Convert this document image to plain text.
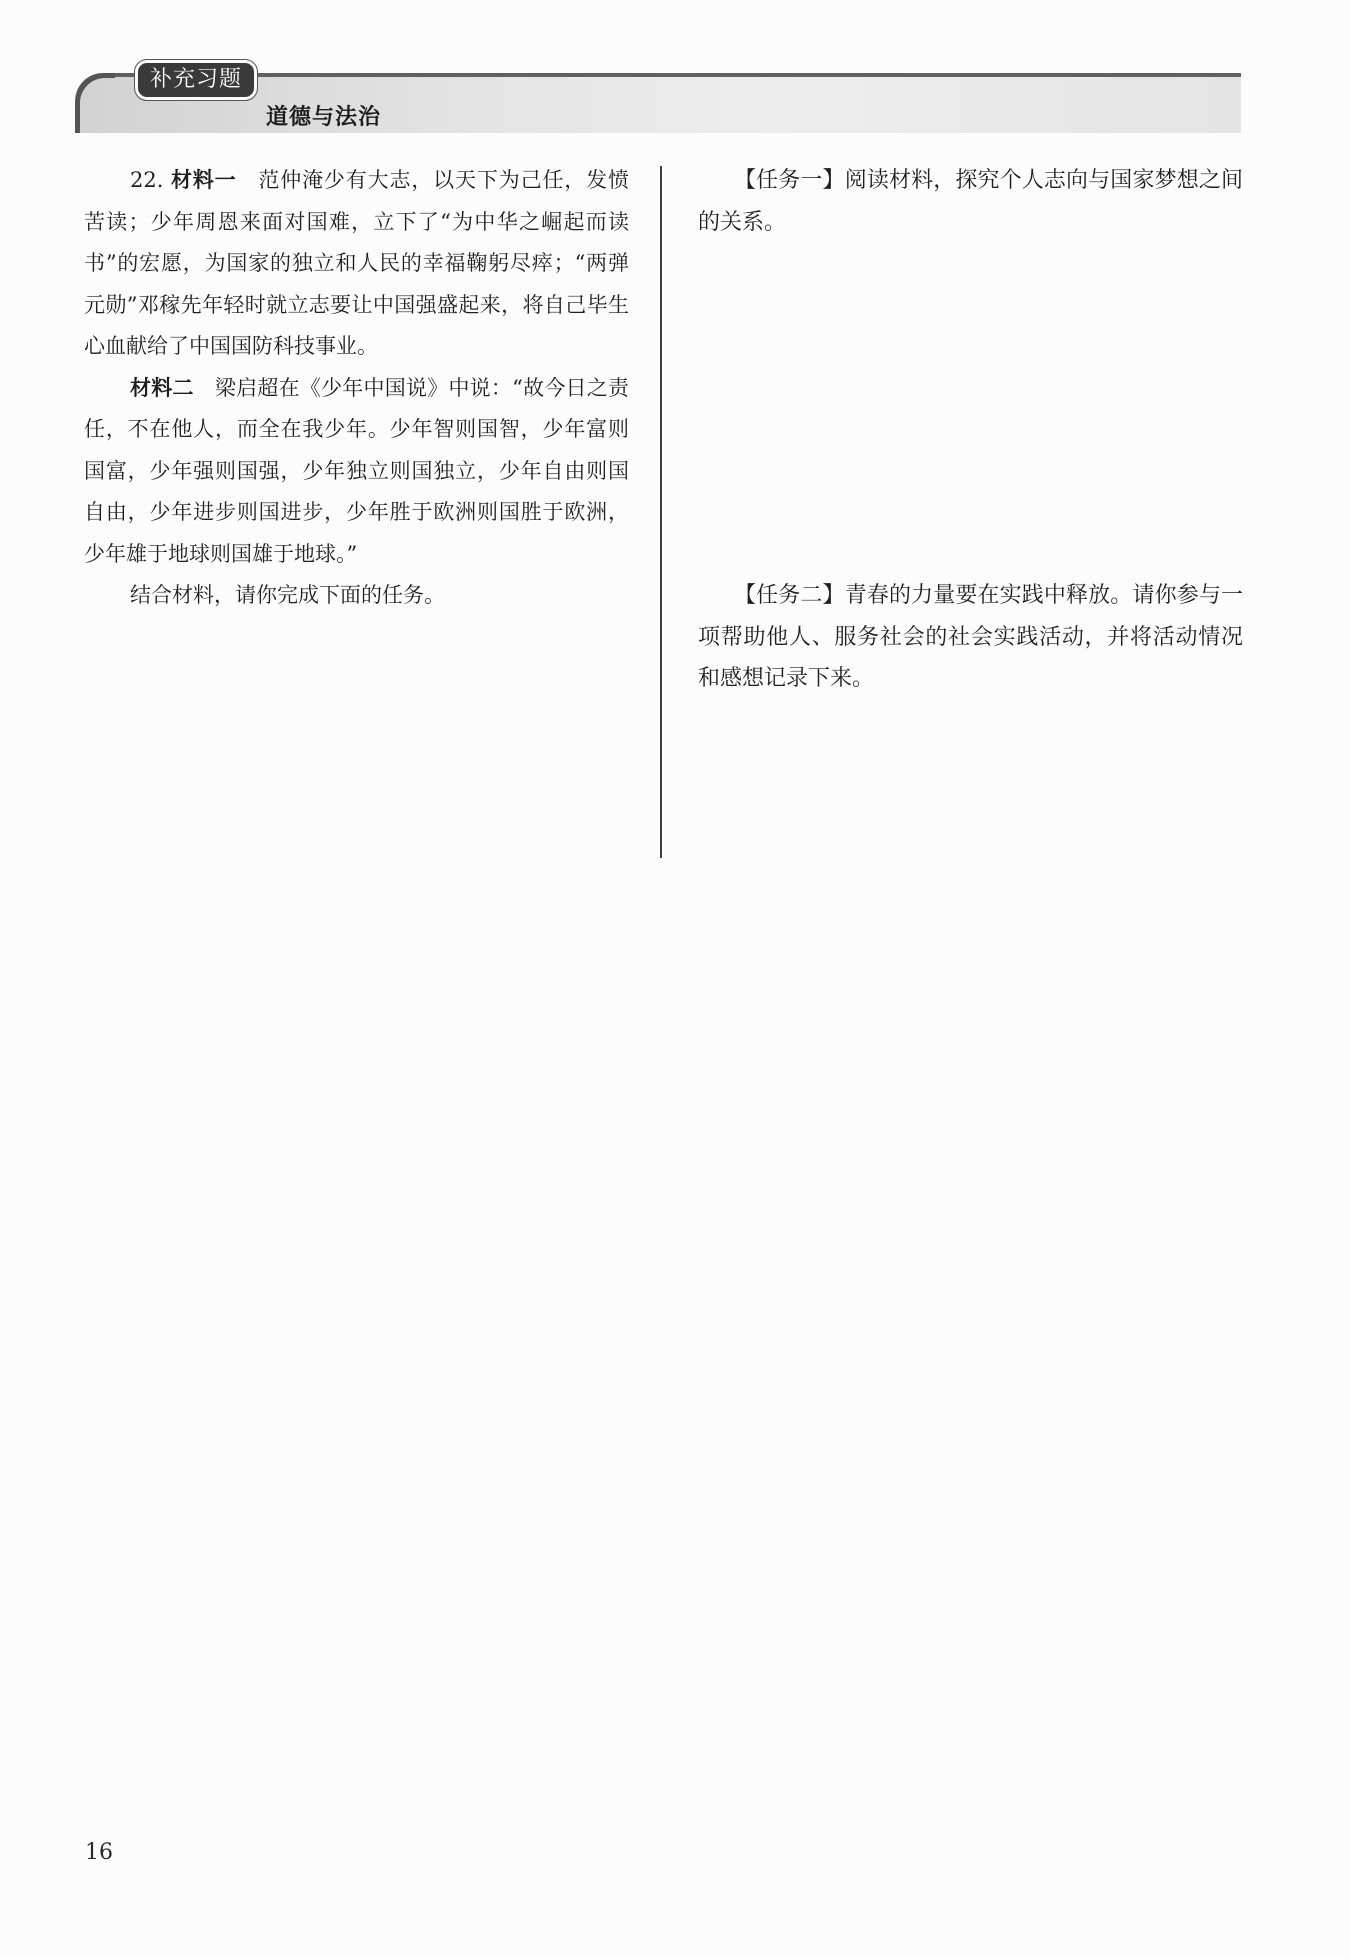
补充习题
道德与法治

22. 材料一　 范仲淹少有大志，以天下为己任，发愤苦读；少年周恩来面对国难，立下了“为中华之崛起而读书”的宏愿，为国家的独立和人民的幸福鞠躬尽瘁；“两弹元勋”邓稼先年轻时就立志要让中国强盛起来，将自己毕生心血献给了中国国防科技事业。

材料二　 梁启超在《少年中国说》中说：“故今日之责任，不在他人，而全在我少年。少年智则国智，少年富则国富，少年强则国强，少年独立则国独立，少年自由则国自由，少年进步则国进步，少年胜于欧洲则国胜于欧洲，少年雄于地球则国雄于地球。”

结合材料，请你完成下面的任务。

【任务一】阅读材料，探究个人志向与国家梦想之间的关系。

【任务二】青春的力量要在实践中释放。请你参与一项帮助他人、服务社会的社会实践活动，并将活动情况和感想记录下来。

16
